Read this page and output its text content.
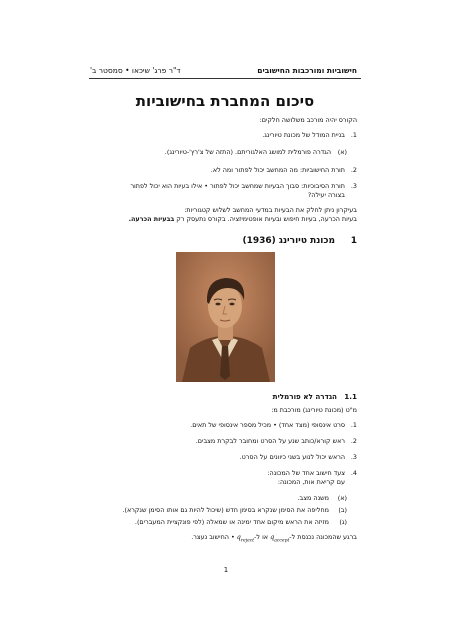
חישוביות ומורכבות החישובים
ד"ר פרג' שיכאו • סמסטר ב'
סיכום המחברת בחישוביות
הקורס יהיה מורכב משלושה חלקים:
1.
בניית המודל של מכונת טיורינג.
(א)
הגדרה פורמלית למושג האלגוריתם. (התזה של צ'רץ'-טיורינג).
2.
תורת החישוביות: מה המחשב יכול לפתור ומה לא.
3.
תורת הסיבוכיות: סבוך הבעיות שמחשב יכול לפתור • אילו בעיות הוא יכול לפתור
בצורה יעילה?
בעיקרון ניתן לחלק את הבעיות במדעי המחשב לשלוש קטגוריות:
בעיות הכרעה, בעיות חיפוש ובעיות אופטימיזציה. בקורס נתעסק רק בבעיות הכרעה.
1
מכונת טיורינג (1936)
1.1
הגדרה לא פורמלית
מ"ט (מכונת טיורינג) מורכבת מ:
1.
סרט אינסופי (מצד אחד) • מכיל מספר אינסופי של תאים.
2.
ראש קורא/כותב שנע על הסרט ומחובר לבקרת מצבים.
3.
הראש יכול לנוע בשני כיוונים על הסרט.
4.
צעד חישוב אחד של המכונה:
עם קריאת אות, המכונה:
(א)
משנה מצב.
(ב)
מחליפה את הסימן שנקרא בסימן חדש (שיכול להיות גם אותו הסימן שנקרא).
(ג)
מזיזה את הראש מיקום אחד ימינה או שמאלה (לפי פונקציית המעברים).
ברגע שהמכונה נכנסת $ל-q_{accept}$ או $ל-q_{reject}$ • החישוב נעצר.
1
